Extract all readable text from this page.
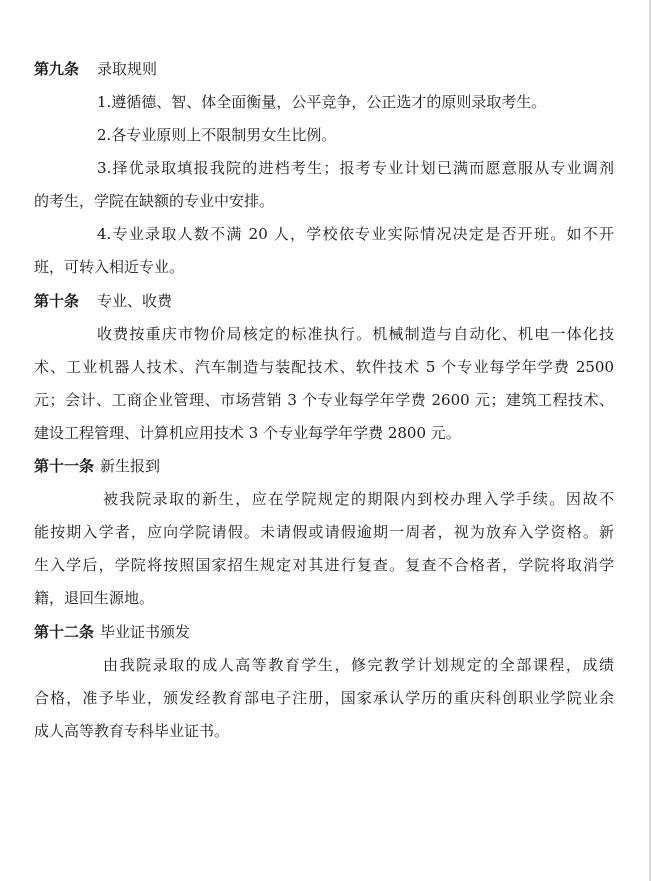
第九条 录取规则
1.遵循德、智、体全面衡量，公平竞争，公正选才的原则录取考生。
2.各专业原则上不限制男女生比例。
3.择优录取填报我院的进档考生；报考专业计划已满而愿意服从专业调剂
的考生，学院在缺额的专业中安排。
4.专业录取人数不满 20 人，学校依专业实际情况决定是否开班。如不开
班，可转入相近专业。
第十条 专业、收费
收费按重庆市物价局核定的标准执行。机械制造与自动化、机电一体化技
术、工业机器人技术、汽车制造与装配技术、软件技术 5 个专业每学年学费 2500
元；会计、工商企业管理、市场营销 3 个专业每学年学费 2600 元；建筑工程技术、
建设工程管理、计算机应用技术 3 个专业每学年学费 2800 元。
第十一条 新生报到
被我院录取的新生，应在学院规定的期限内到校办理入学手续。因故不
能按期入学者，应向学院请假。未请假或请假逾期一周者，视为放弃入学资格。新
生入学后，学院将按照国家招生规定对其进行复查。复查不合格者，学院将取消学
籍，退回生源地。
第十二条 毕业证书颁发
由我院录取的成人高等教育学生，修完教学计划规定的全部课程，成绩
合格，准予毕业，颁发经教育部电子注册，国家承认学历的重庆科创职业学院业余
成人高等教育专科毕业证书。
